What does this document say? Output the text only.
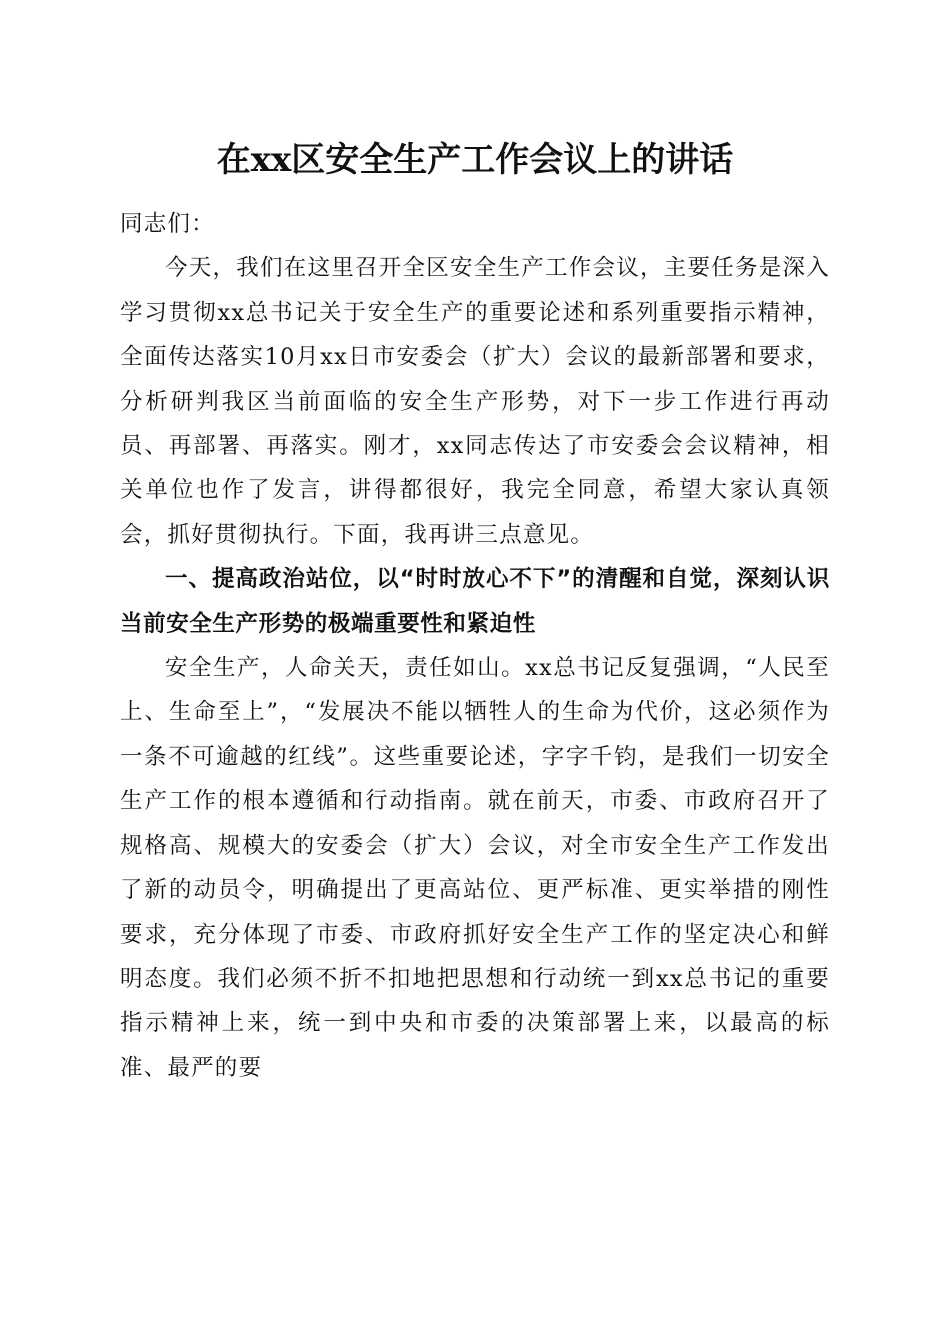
在xx区安全生产工作会议上的讲话

同志们：

今天，我们在这里召开全区安全生产工作会议，主要任务是深入学习贯彻xx总书记关于安全生产的重要论述和系列重要指示精神，全面传达落实10月xx日市安委会（扩大）会议的最新部署和要求，分析研判我区当前面临的安全生产形势，对下一步工作进行再动员、再部署、再落实。刚才，xx同志传达了市安委会会议精神，相关单位也作了发言，讲得都很好，我完全同意，希望大家认真领会，抓好贯彻执行。下面，我再讲三点意见。

一、提高政治站位，以“时时放心不下”的清醒和自觉，深刻认识当前安全生产形势的极端重要性和紧迫性

安全生产，人命关天，责任如山。xx总书记反复强调，“人民至上、生命至上”，“发展决不能以牺牲人的生命为代价，这必须作为一条不可逾越的红线”。这些重要论述，字字千钧，是我们一切安全生产工作的根本遵循和行动指南。就在前天，市委、市政府召开了规格高、规模大的安委会（扩大）会议，对全市安全生产工作发出了新的动员令，明确提出了更高站位、更严标准、更实举措的刚性要求，充分体现了市委、市政府抓好安全生产工作的坚定决心和鲜明态度。我们必须不折不扣地把思想和行动统一到xx总书记的重要指示精神上来，统一到中央和市委的决策部署上来，以最高的标准、最严的要
